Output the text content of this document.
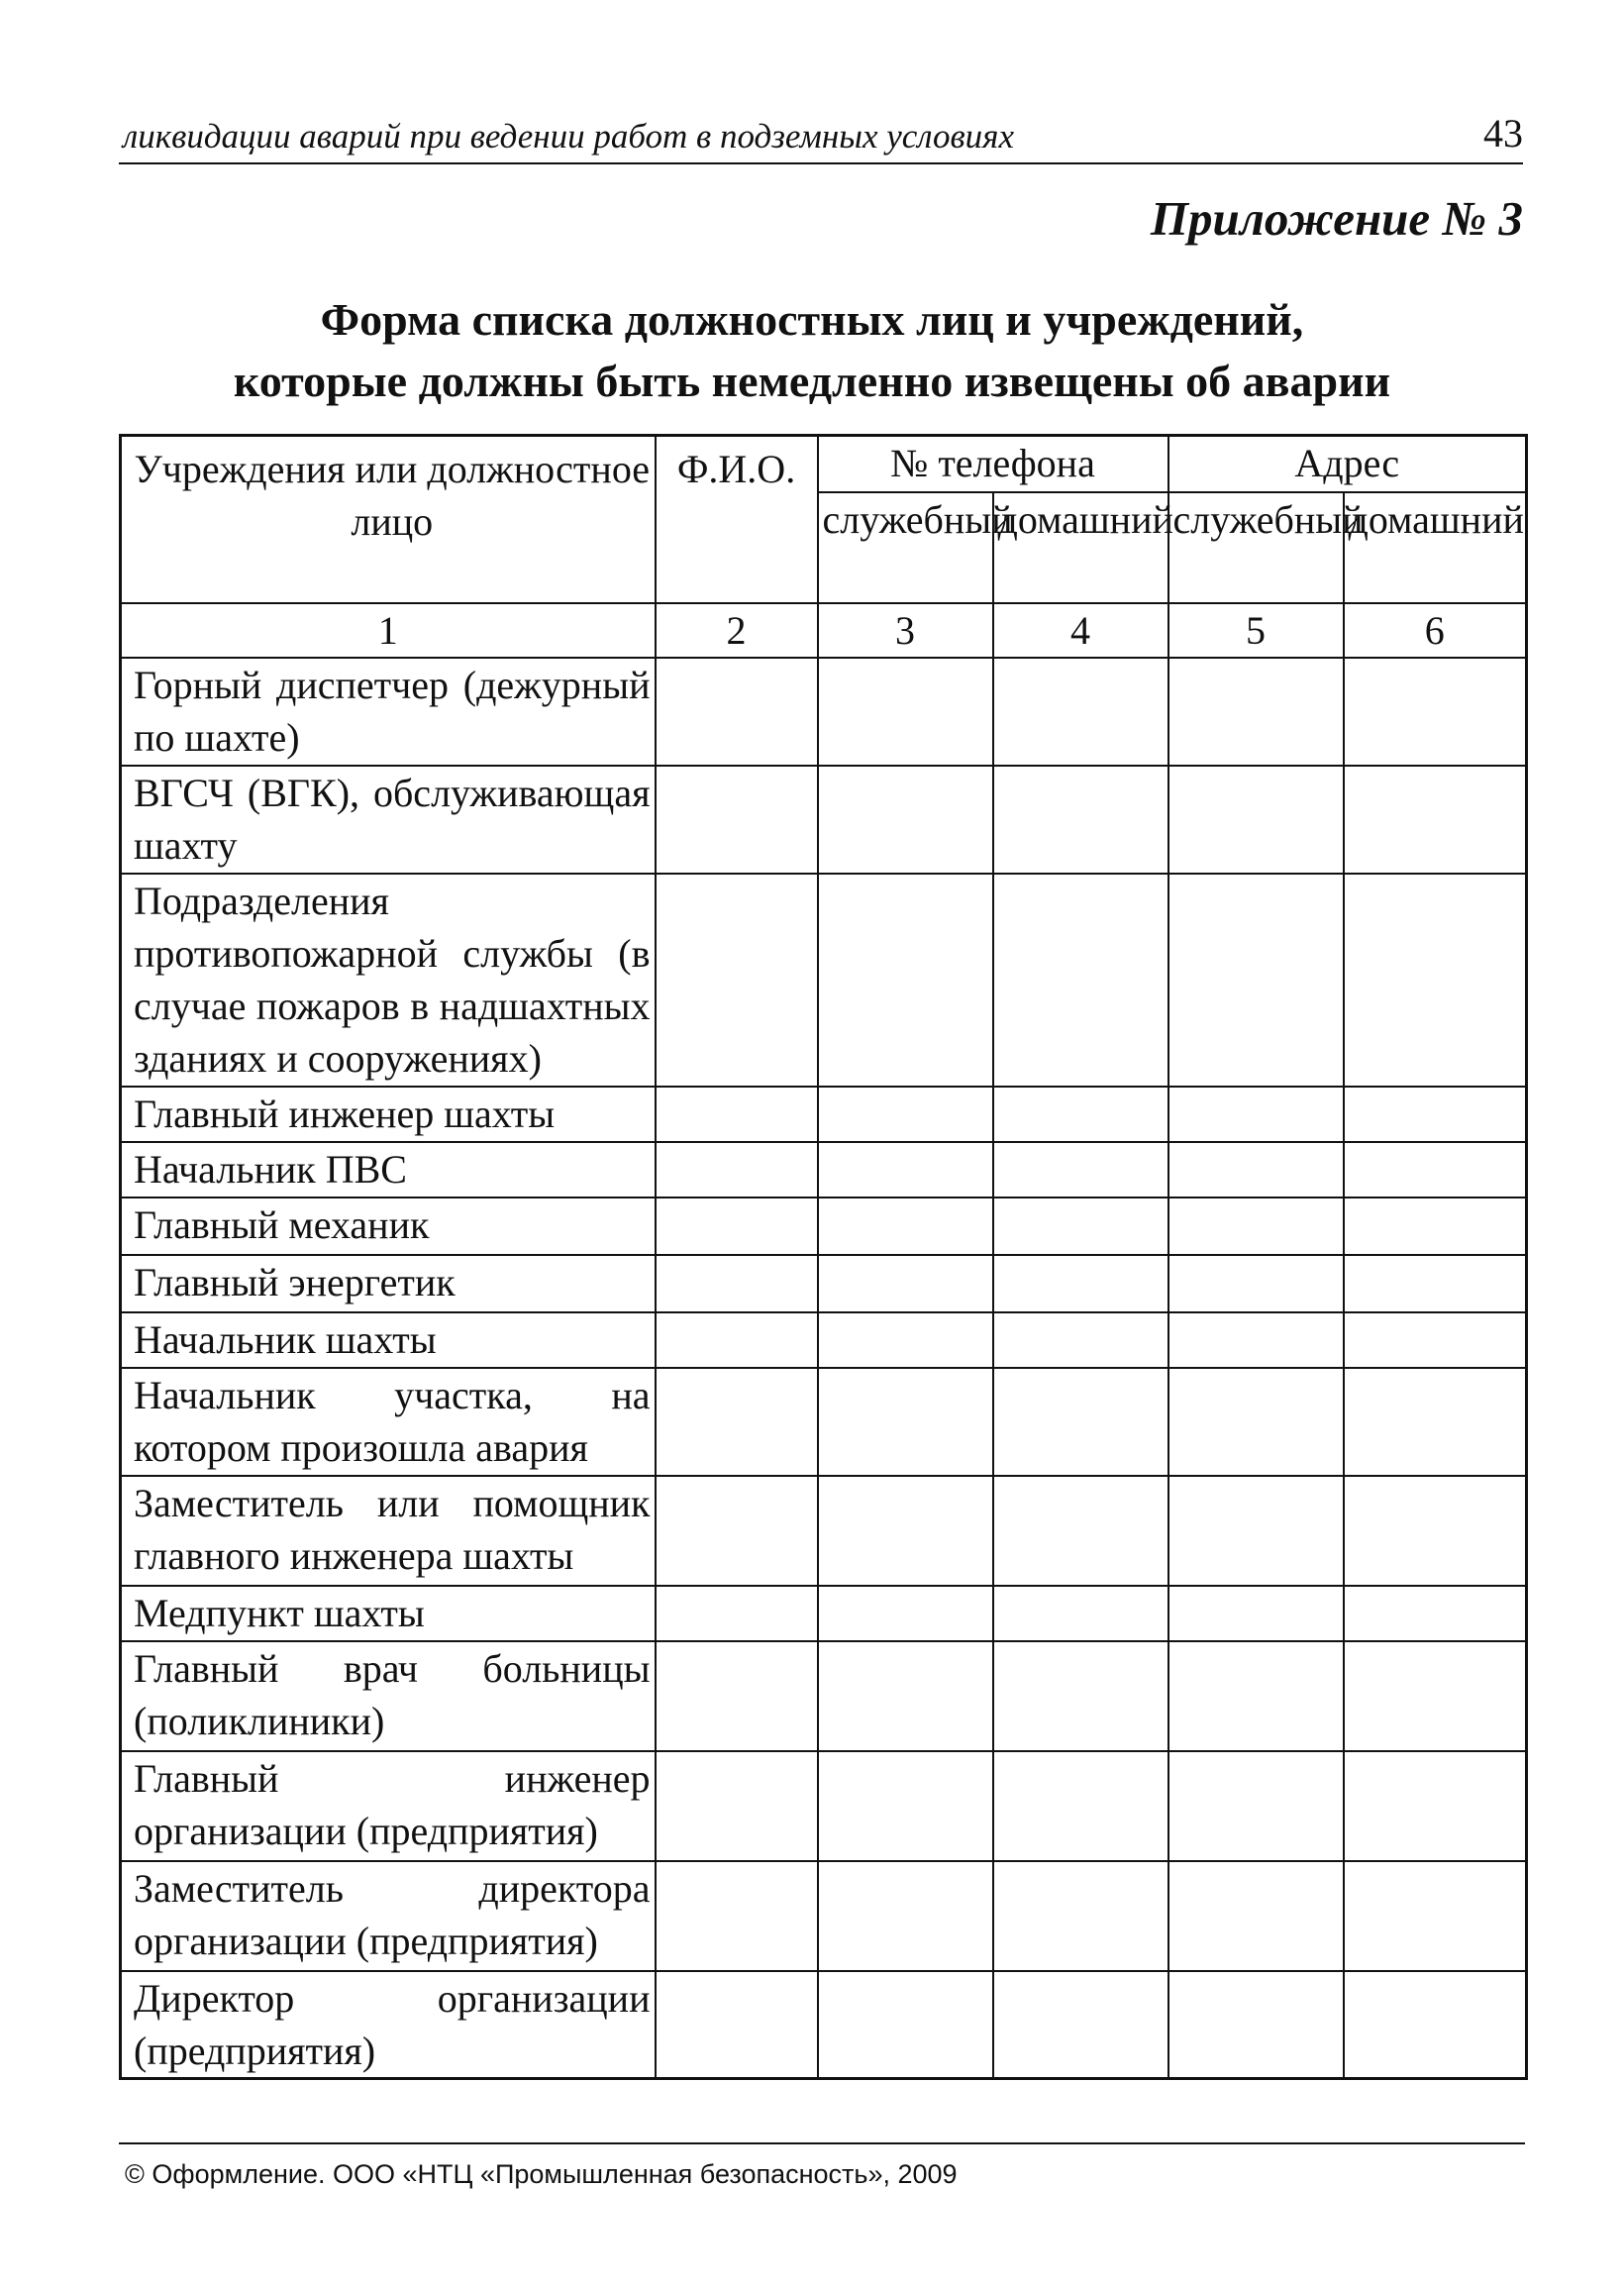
ликвидации аварий при ведении работ в подземных условиях	43
Приложение № 3
Форма списка должностных лиц и учреждений,
которые должны быть немедленно извещены об аварии
Учреждения или должностное лицо	Ф.И.О.	№ телефона		Адрес	
		служебный	домашний	служебный	домашний
1	2	3	4	5	6
Горный диспетчер (дежурный по шахте)					
ВГСЧ (ВГК), обслуживающая шахту					
Подразделения противопожарной службы (в случае пожаров в надшахтных зданиях и сооружениях)					
Главный инженер шахты					
Начальник ПВС					
Главный механик					
Главный энергетик					
Начальник шахты					
Начальник участка, на котором произошла авария					
Заместитель или помощник главного инженера шахты					
Медпункт шахты					
Главный врач больницы (поликлиники)					
Главный инженер организации (предприятия)					
Заместитель директора организации (предприятия)					
Директор организации (предприятия)					
© Оформление. ООО «НТЦ «Промышленная безопасность», 2009
